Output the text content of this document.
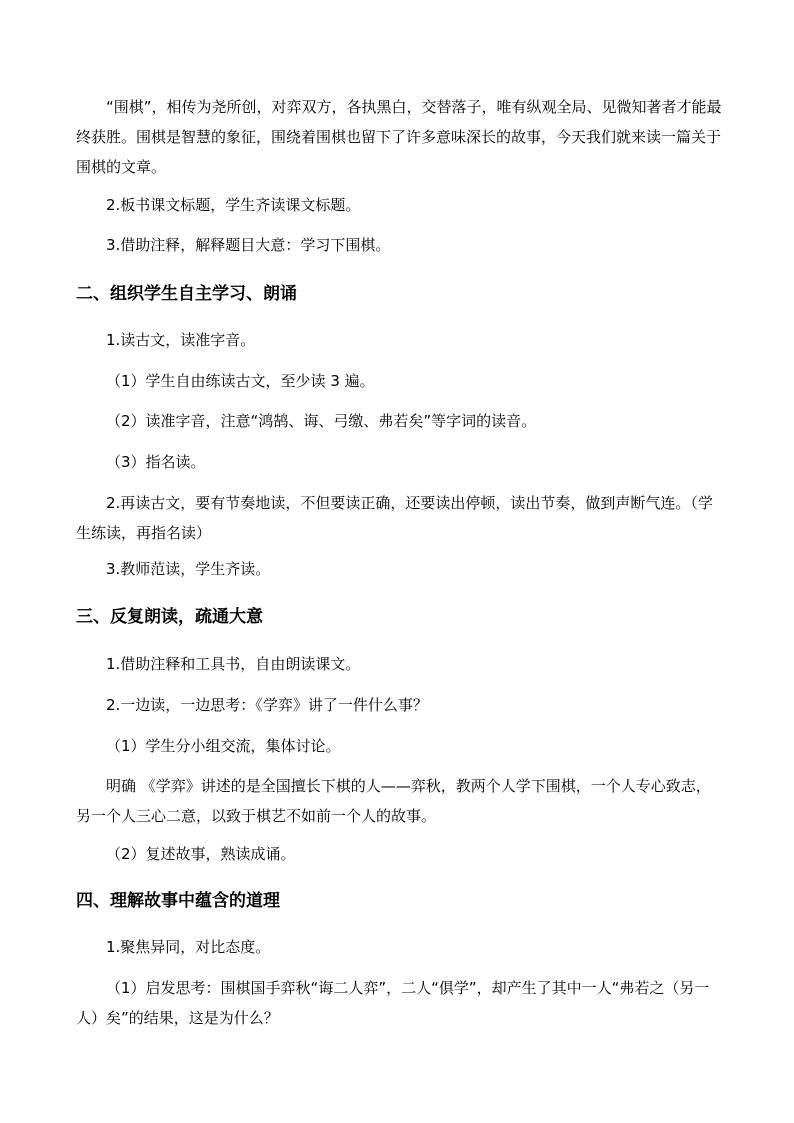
“围棋”，相传为尧所创，对弈双方，各执黑白，交替落子，唯有纵观全局、见微知著者才能最终获胜。围棋是智慧的象征，围绕着围棋也留下了许多意味深长的故事，今天我们就来读一篇关于围棋的文章。

2.板书课文标题，学生齐读课文标题。

3.借助注释，解释题目大意：学习下围棋。

二、组织学生自主学习、朗诵

1.读古文，读准字音。

（1）学生自由练读古文，至少读 3 遍。

（2）读准字音，注意“鸿鹄、诲、弓缴、弗若矣”等字词的读音。

（3）指名读。

2.再读古文，要有节奏地读，不但要读正确，还要读出停顿，读出节奏，做到声断气连。（学生练读，再指名读）

3.教师范读，学生齐读。

三、反复朗读，疏通大意

1.借助注释和工具书，自由朗读课文。

2.一边读，一边思考：《学弈》讲了一件什么事？

（1）学生分小组交流，集体讨论。

明确 《学弈》讲述的是全国擅长下棋的人——弈秋，教两个人学下围棋，一个人专心致志，另一个人三心二意，以致于棋艺不如前一个人的故事。

（2）复述故事，熟读成诵。

四、理解故事中蕴含的道理

1.聚焦异同，对比态度。

（1）启发思考：围棋国手弈秋“诲二人弈”，二人“俱学”，却产生了其中一人“弗若之（另一人）矣”的结果，这是为什么？
